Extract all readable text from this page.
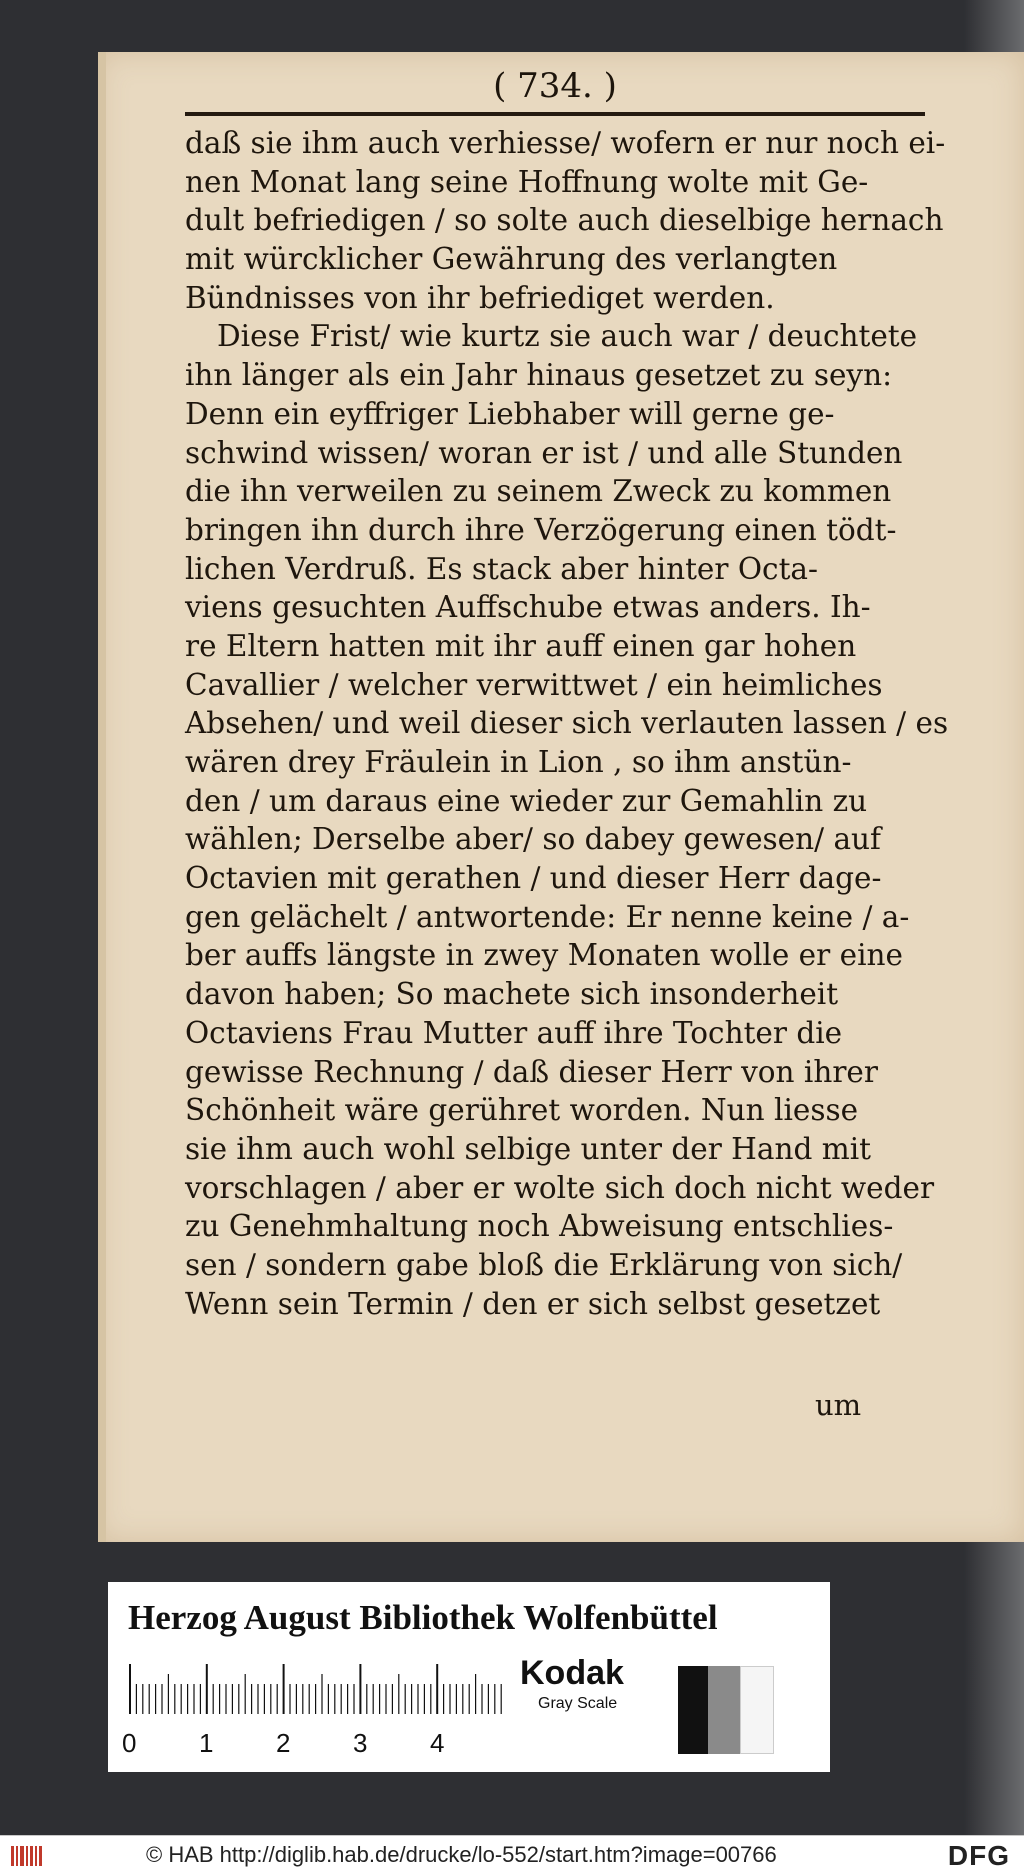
( 734. )
daß sie ihm auch verhiesse/ wofern er nur noch ei-
nen Monat lang seine Hoffnung wolte mit Ge-
dult befriedigen / so solte auch dieselbige hernach
mit würcklicher Gewährung des verlangten
Bündnisses von ihr befriediget werden.
Diese Frist/ wie kurtz sie auch war / deuchtete
ihn länger als ein Jahr hinaus gesetzet zu seyn:
Denn ein eyffriger Liebhaber will gerne ge-
schwind wissen/ woran er ist / und alle Stunden
die ihn verweilen zu seinem Zweck zu kommen
bringen ihn durch ihre Verzögerung einen tödt-
lichen Verdruß. Es stack aber hinter Octa-
viens gesuchten Auffschube etwas anders. Ih-
re Eltern hatten mit ihr auff einen gar hohen
Cavallier / welcher verwittwet / ein heimliches
Absehen/ und weil dieser sich verlauten lassen / es
wären drey Fräulein in Lion , so ihm anstün-
den / um daraus eine wieder zur Gemahlin zu
wählen; Derselbe aber/ so dabey gewesen/ auf
Octavien mit gerathen / und dieser Herr dage-
gen gelächelt / antwortende: Er nenne keine / a-
ber auffs längste in zwey Monaten wolle er eine
davon haben; So machete sich insonderheit
Octaviens Frau Mutter auff ihre Tochter die
gewisse Rechnung / daß dieser Herr von ihrer
Schönheit wäre gerühret worden. Nun liesse
sie ihm auch wohl selbige unter der Hand mit
vorschlagen / aber er wolte sich doch nicht weder
zu Genehmhaltung noch Abweisung entschlies-
sen / sondern gabe bloß die Erklärung von sich/
Wenn sein Termin / den er sich selbst gesetzet
um
Herzog August Bibliothek Wolfenbüttel
0 1 2 3 4
Kodak
Gray Scale
© HAB http://diglib.hab.de/drucke/lo-552/start.htm?image=00766	DFG
